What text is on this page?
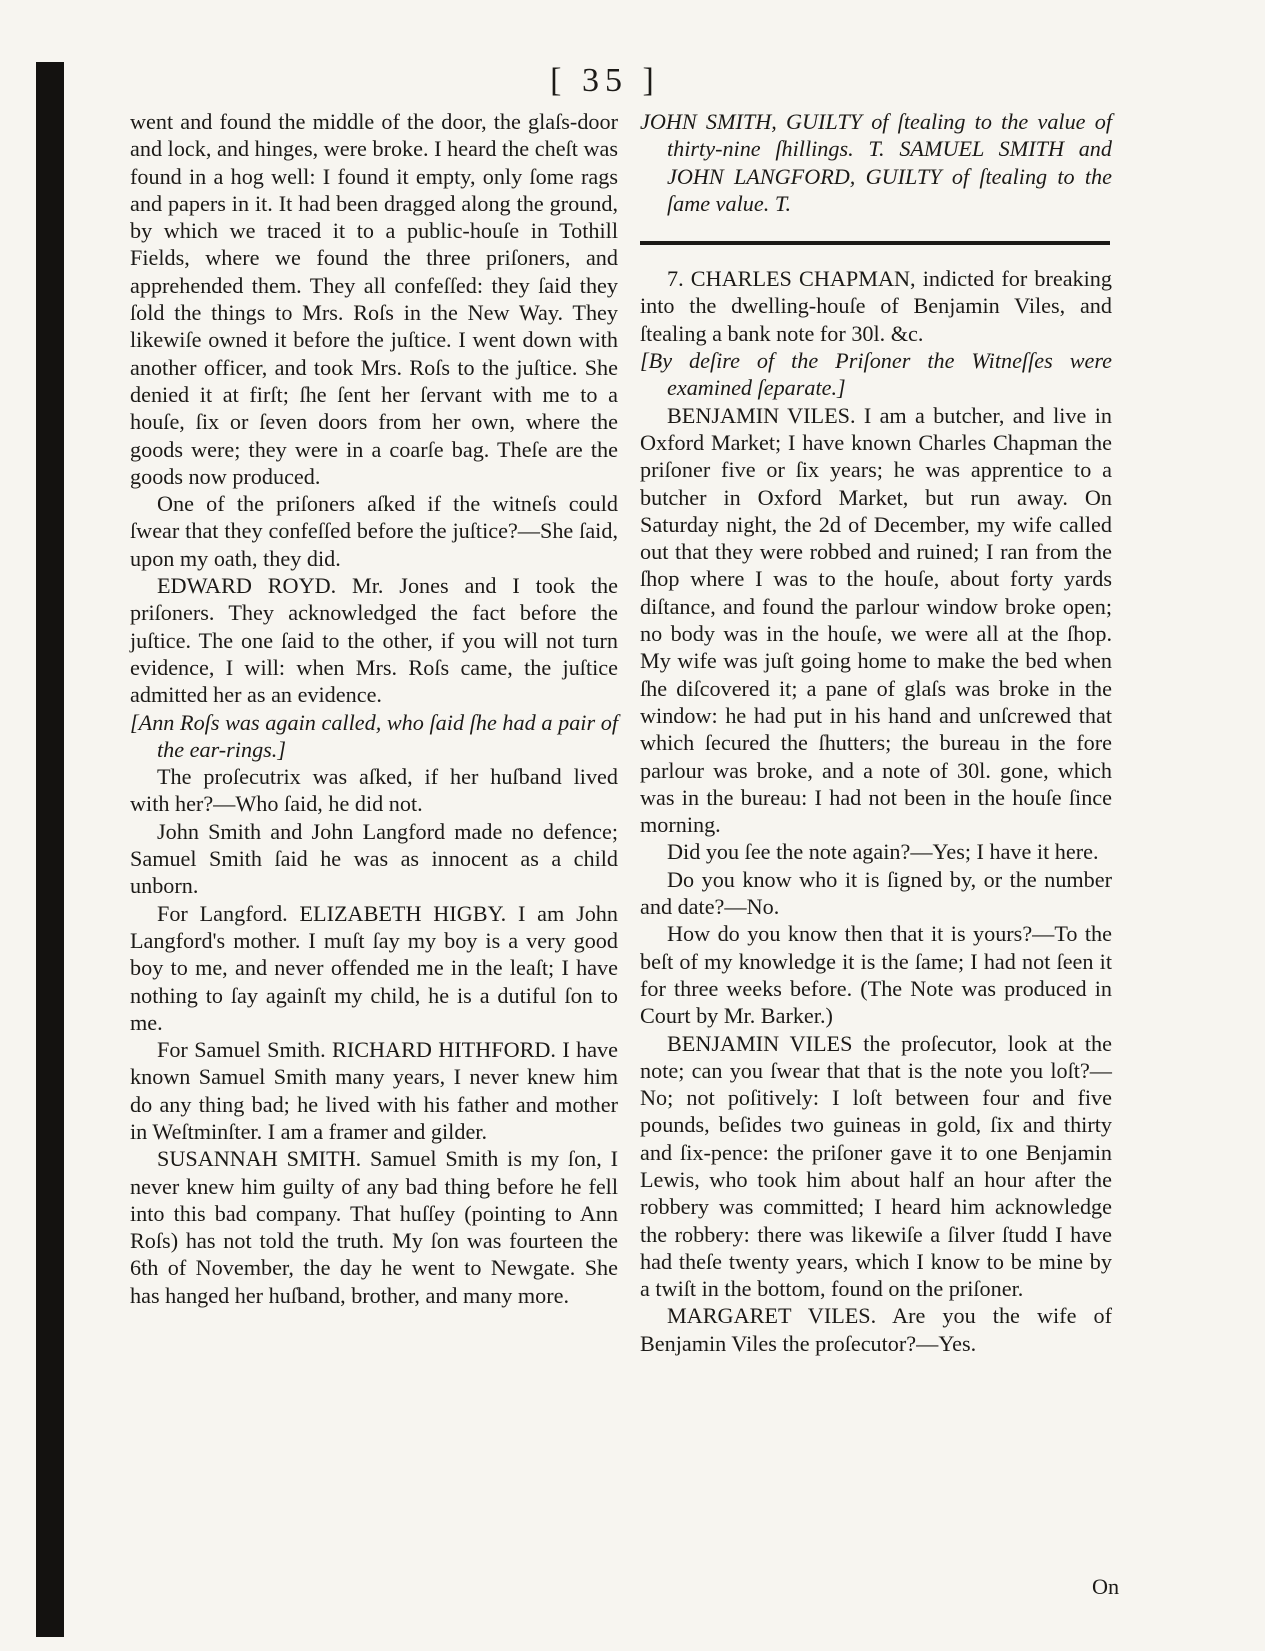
[ 35 ]

went and found the middle of the door, the glaſs-door and lock, and hinges, were broke. I heard the cheſt was found in a hog well: I found it empty, only ſome rags and papers in it. It had been dragged along the ground, by which we traced it to a public-houſe in Tothill Fields, where we found the three priſoners, and apprehended them. They all confeſſed: they ſaid they ſold the things to Mrs. Roſs in the New Way. They likewiſe owned it before the juſtice. I went down with another officer, and took Mrs. Roſs to the juſtice. She denied it at firſt; ſhe ſent her ſervant with me to a houſe, ſix or ſeven doors from her own, where the goods were; they were in a coarſe bag. Theſe are the goods now produced.

One of the priſoners aſked if the witneſs could ſwear that they confeſſed before the juſtice?—She ſaid, upon my oath, they did.

EDWARD ROYD. Mr. Jones and I took the priſoners. They acknowledged the fact before the juſtice. The one ſaid to the other, if you will not turn evidence, I will: when Mrs. Roſs came, the juſtice admitted her as an evidence.

[Ann Roſs was again called, who ſaid ſhe had a pair of the ear-rings.]

The proſecutrix was aſked, if her huſband lived with her?—Who ſaid, he did not.

John Smith and John Langford made no defence; Samuel Smith ſaid he was as innocent as a child unborn.

For Langford. ELIZABETH HIGBY. I am John Langford's mother. I muſt ſay my boy is a very good boy to me, and never offended me in the leaſt; I have nothing to ſay againſt my child, he is a dutiful ſon to me.

For Samuel Smith. RICHARD HITHFORD. I have known Samuel Smith many years, I never knew him do any thing bad; he lived with his father and mother in Weſtminſter. I am a framer and gilder.

SUSANNAH SMITH. Samuel Smith is my ſon, I never knew him guilty of any bad thing before he fell into this bad company. That huſſey (pointing to Ann Roſs) has not told the truth. My ſon was fourteen the 6th of November, the day he went to Newgate. She has hanged her huſband, brother, and many more.

JOHN SMITH, GUILTY of ſtealing to the value of thirty-nine ſhillings. T. SAMUEL SMITH and JOHN LANGFORD, GUILTY of ſtealing to the ſame value. T.

7. CHARLES CHAPMAN, indicted for breaking into the dwelling-houſe of Benjamin Viles, and ſtealing a bank note for 30l. &c.

[By deſire of the Priſoner the Witneſſes were examined ſeparate.]

BENJAMIN VILES. I am a butcher, and live in Oxford Market; I have known Charles Chapman the priſoner five or ſix years; he was apprentice to a butcher in Oxford Market, but run away. On Saturday night, the 2d of December, my wife called out that they were robbed and ruined; I ran from the ſhop where I was to the houſe, about forty yards diſtance, and found the parlour window broke open; no body was in the houſe, we were all at the ſhop. My wife was juſt going home to make the bed when ſhe diſcovered it; a pane of glaſs was broke in the window: he had put in his hand and unſcrewed that which ſecured the ſhutters; the bureau in the fore parlour was broke, and a note of 30l. gone, which was in the bureau: I had not been in the houſe ſince morning.

Did you ſee the note again?—Yes; I have it here.

Do you know who it is ſigned by, or the number and date?—No.

How do you know then that it is yours?—To the beſt of my knowledge it is the ſame; I had not ſeen it for three weeks before. (The Note was produced in Court by Mr. Barker.)

BENJAMIN VILES the proſecutor, look at the note; can you ſwear that that is the note you loſt?—No; not poſitively: I loſt between four and five pounds, beſides two guineas in gold, ſix and thirty and ſix-pence: the priſoner gave it to one Benjamin Lewis, who took him about half an hour after the robbery was committed; I heard him acknowledge the robbery: there was likewiſe a ſilver ſtudd I have had theſe twenty years, which I know to be mine by a twiſt in the bottom, found on the priſoner.

MARGARET VILES. Are you the wife of Benjamin Viles the proſecutor?—Yes.

On
